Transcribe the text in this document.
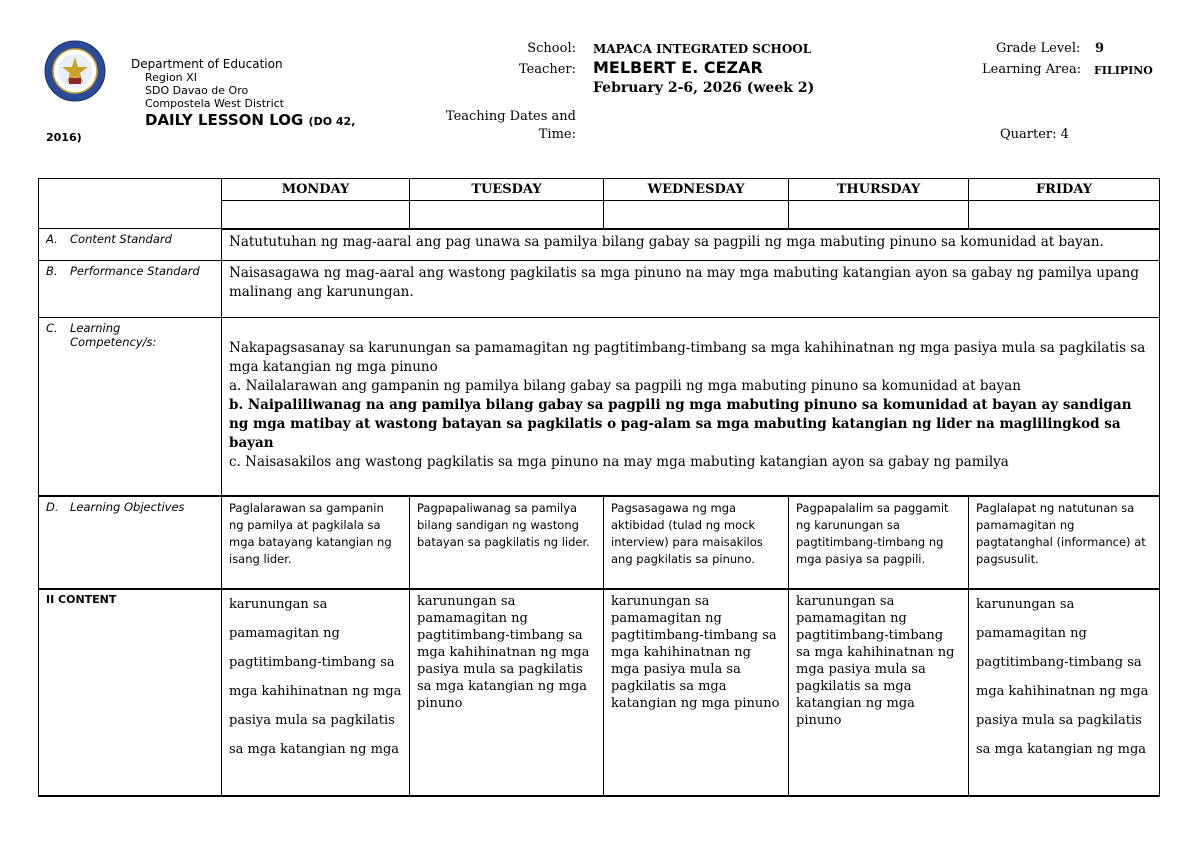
Department of Education
Region XI
SDO Davao de Oro
Compostela West District
DAILY LESSON LOG (DO 42,
2016)
School: MAPACA INTEGRATED SCHOOL
Teacher: MELBERT E. CEZAR
February 2-6, 2026 (week 2)
Teaching Dates and
Time:
Grade Level: 9
Learning Area: FILIPINO
Quarter: 4
	MONDAY	TUESDAY	WEDNESDAY	THURSDAY	FRIDAY

A. Content Standard	Natututuhan ng mag-aaral ang pag unawa sa pamilya bilang gabay sa pagpili ng mga mabuting pinuno sa komunidad at bayan.				
B. Performance Standard	Naisasagawa ng mag-aaral ang wastong pagkilatis sa mga pinuno na may mga mabuting katangian ayon sa gabay ng pamilya upang malinang ang karunungan.				
C. Learning
Competency/s:	Nakapagsasanay sa karunungan sa pamamagitan ng pagtitimbang-timbang sa mga kahihinatnan ng mga pasiya mula sa pagkilatis sa mga katangian ng mga pinuno
a. Nailalarawan ang gampanin ng pamilya bilang gabay sa pagpili ng mga mabuting pinuno sa komunidad at bayan
b. Naipaliliwanag na ang pamilya bilang gabay sa pagpili ng mga mabuting pinuno sa komunidad at bayan ay sandigan ng mga matibay at wastong batayan sa pagkilatis o pag-alam sa mga mabuting katangian ng lider na maglilingkod sa bayan
c. Naisasakilos ang wastong pagkilatis sa mga pinuno na may mga mabuting katangian ayon sa gabay ng pamilya				

D. Learning Objectives	Paglalarawan sa gampanin ng pamilya at pagkilala sa mga batayang katangian ng isang lider.	Pagpapaliwanag sa pamilya bilang sandigan ng wastong batayan sa pagkilatis ng lider.	Pagsasagawa ng mga aktibidad (tulad ng mock interview) para maisakilos ang pagkilatis sa pinuno.	Pagpapalalim sa paggamit ng karunungan sa pagtitimbang-timbang ng mga pasiya sa pagpili.	Paglalapat ng natutunan sa pamamagitan ng pagtatanghal (informance) at pagsusulit.
II CONTENT	karunungan sa pamamagitan ng pagtitimbang-timbang sa mga kahihinatnan ng mga pasiya mula sa pagkilatis sa mga katangian ng mga	karunungan sa pamamagitan ng pagtitimbang-timbang sa mga kahihinatnan ng mga pasiya mula sa pagkilatis sa mga katangian ng mga pinuno	karunungan sa pamamagitan ng pagtitimbang-timbang sa mga kahihinatnan ng mga pasiya mula sa pagkilatis sa mga katangian ng mga pinuno	karunungan sa pamamagitan ng pagtitimbang-timbang sa mga kahihinatnan ng mga pasiya mula sa pagkilatis sa mga katangian ng mga pinuno	karunungan sa pamamagitan ng pagtitimbang-timbang sa mga kahihinatnan ng mga pasiya mula sa pagkilatis sa mga katangian ng mga
